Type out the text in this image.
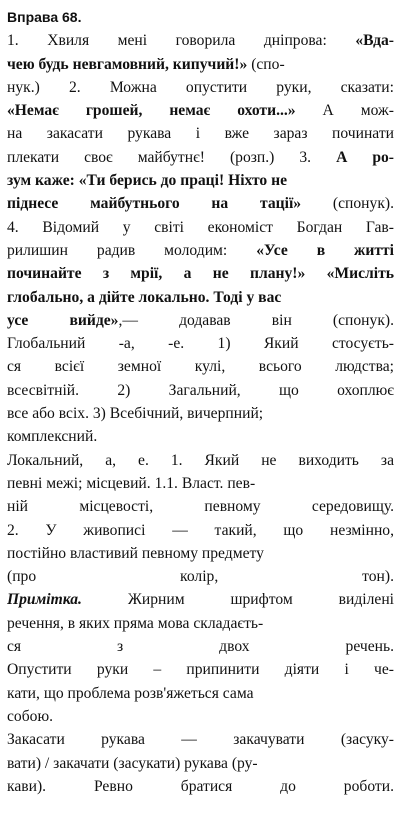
Вправа 68.
1. Хвиля мені говорила дніпрова: «Вда-
чею будь невгамовний, кипучий!» (спо-
нук.) 2. Можна опустити руки, сказати:
«Немає грошей, немає охоти...» А мож-
на закасати рукава і вже зараз починати
плекати своє майбутнє! (розп.) 3. А ро-
зум каже: «Ти берись до праці! Ніхто не
піднесе майбутнього на тації» (спонук).
4. Відомий у світі економіст Богдан Гав-
рилишин радив молодим: «Усе в житті
починайте з мрії, а не плану!» «Мисліть
глобально, а дійте локально. Тоді у вас
усе вийде»,— додавав він (спонук).
Глобальний -а, -е. 1) Який стосуєть-
ся всієї земної кулі, всього людства;
всесвітній. 2) Загальний, що охоплює
все або всіх. 3) Всебічний, вичерпний;
комплексний.
Локальний, а, е. 1. Який не виходить за
певні межі; місцевий. 1.1. Власт. пев-
ній місцевості, певному середовищу.
2. У живописі — такий, що незмінно,
постійно властивий певному предмету
(про колір, тон).
Примітка. Жирним шрифтом виділені
речення, в яких пряма мова складаєть-
ся з двох речень.
Опустити руки – припинити діяти і че-
кати, що проблема розв'яжеться сама
собою.
Закасати рукава — закачувати (засуку-
вати) / закачати (засукати) рукава (ру-
кави). Ревно братися до роботи.
